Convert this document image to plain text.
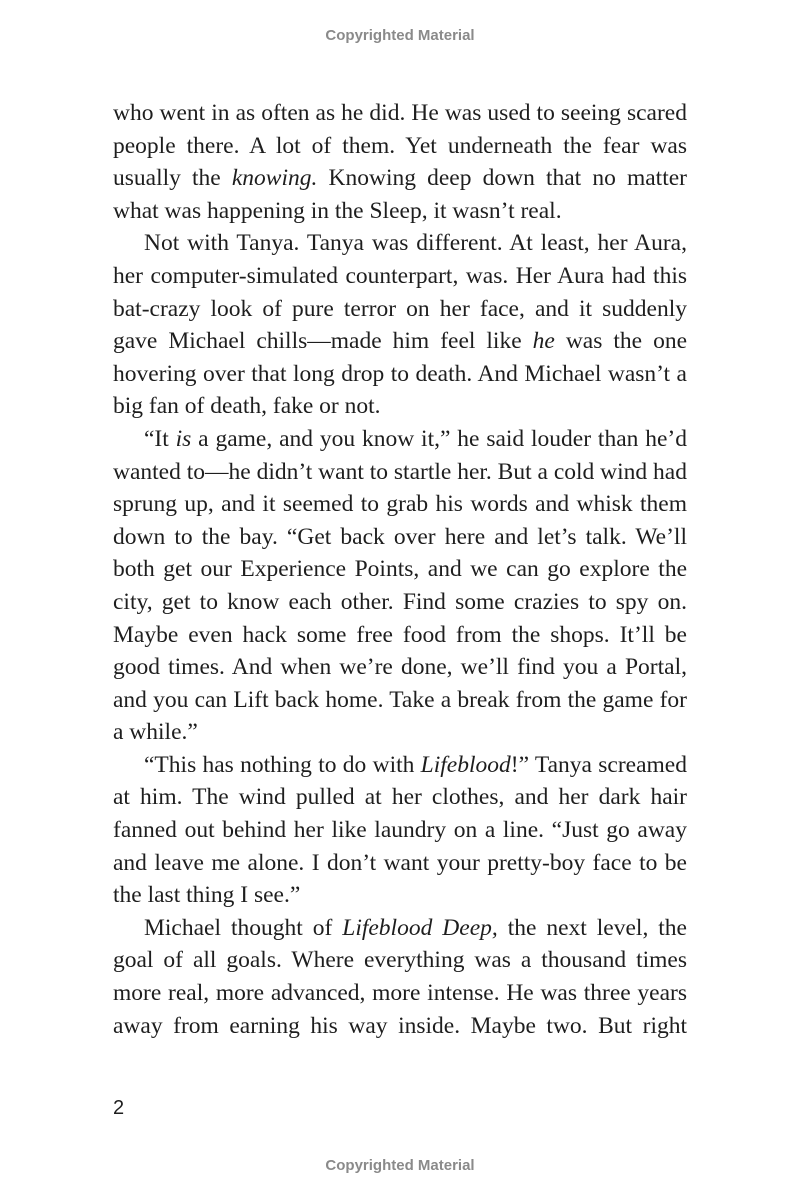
Copyrighted Material

who went in as often as he did. He was used to seeing scared people there. A lot of them. Yet underneath the fear was usually the knowing. Knowing deep down that no matter what was happening in the Sleep, it wasn’t real.

Not with Tanya. Tanya was different. At least, her Aura, her computer-simulated counterpart, was. Her Aura had this bat-crazy look of pure terror on her face, and it suddenly gave Michael chills—made him feel like he was the one hovering over that long drop to death. And Michael wasn’t a big fan of death, fake or not.

“It is a game, and you know it,” he said louder than he’d wanted to—he didn’t want to startle her. But a cold wind had sprung up, and it seemed to grab his words and whisk them down to the bay. “Get back over here and let’s talk. We’ll both get our Experience Points, and we can go explore the city, get to know each other. Find some crazies to spy on. Maybe even hack some free food from the shops. It’ll be good times. And when we’re done, we’ll find you a Portal, and you can Lift back home. Take a break from the game for a while.”

“This has nothing to do with Lifeblood!” Tanya screamed at him. The wind pulled at her clothes, and her dark hair fanned out behind her like laundry on a line. “Just go away and leave me alone. I don’t want your pretty-boy face to be the last thing I see.”

Michael thought of Lifeblood Deep, the next level, the goal of all goals. Where everything was a thousand times more real, more advanced, more intense. He was three years away from earning his way inside. Maybe two. But right

2
Copyrighted Material
